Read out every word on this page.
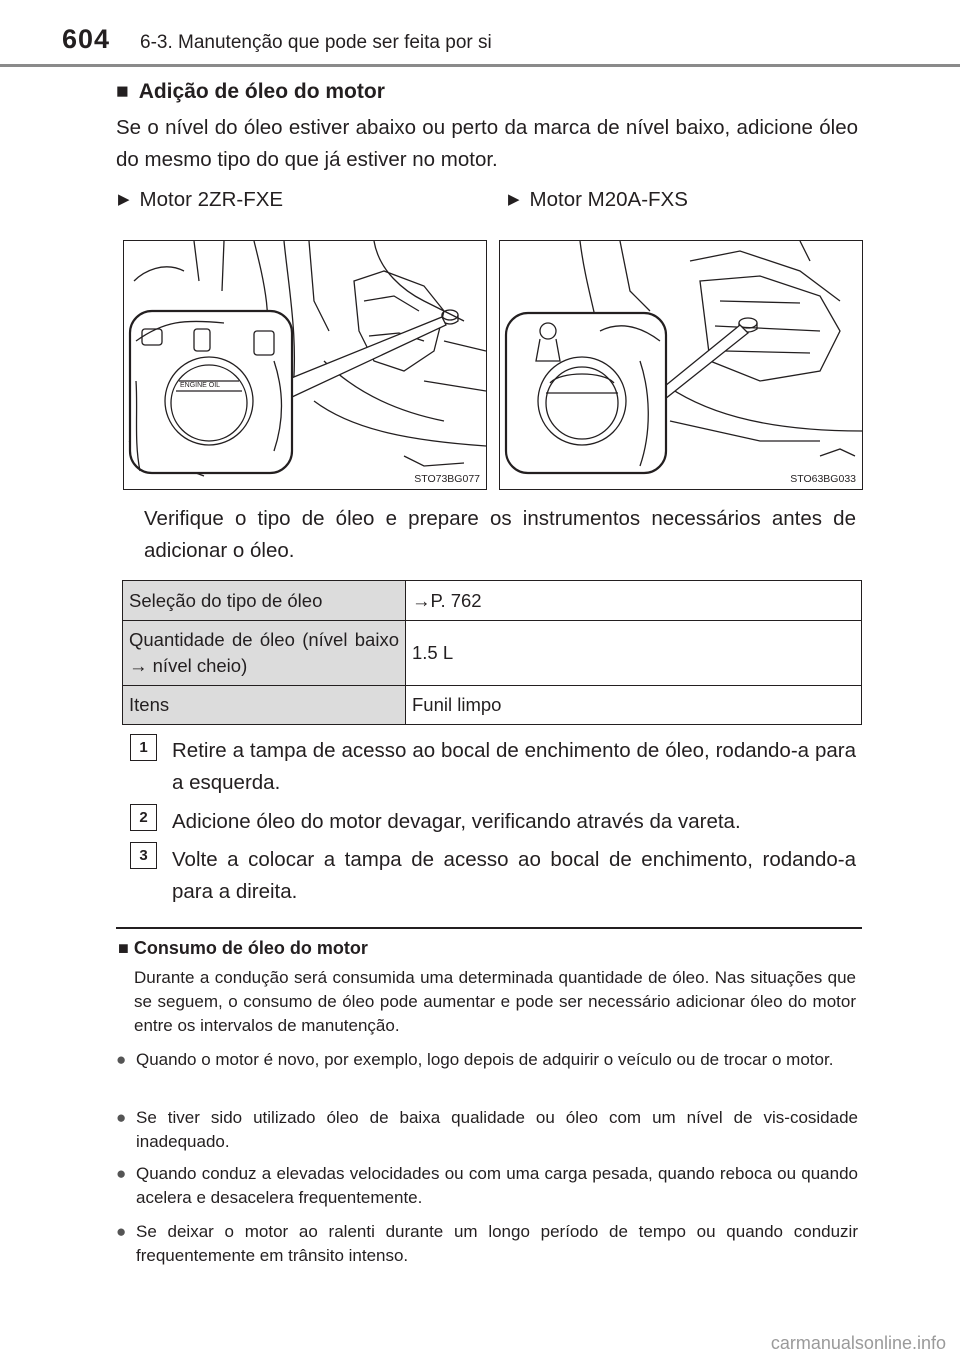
604 6-3. Manutenção que pode ser feita por si
■ Adição de óleo do motor
Se o nível do óleo estiver abaixo ou perto da marca de nível baixo, adicione óleo do mesmo tipo do que já estiver no motor.
▶ Motor 2ZR-FXE	▶ Motor M20A-FXS
ENGINE OIL
STO73BG077	STO63BG033
Verifique o tipo de óleo e prepare os instrumentos necessários antes de adicionar o óleo.
Seleção do tipo de óleo	→P. 762

Quantidade de óleo (nível baixo → nível cheio)	1.5 L

Itens	Funil limpo
1	Retire a tampa de acesso ao bocal de enchimento de óleo, rodando-a para a esquerda.
2	Adicione óleo do motor devagar, verificando através da vareta.
3	Volte a colocar a tampa de acesso ao bocal de enchimento, rodando-a para a direita.
■ Consumo de óleo do motor
Durante a condução será consumida uma determinada quantidade de óleo. Nas situações que se seguem, o consumo de óleo pode aumentar e pode ser necessário adicionar óleo do motor entre os intervalos de manutenção.
● Quando o motor é novo, por exemplo, logo depois de adquirir o veículo ou de trocar o motor.
● Se tiver sido utilizado óleo de baixa qualidade ou óleo com um nível de vis-cosidade inadequado.
● Quando conduz a elevadas velocidades ou com uma carga pesada, quando reboca ou quando acelera e desacelera frequentemente.
● Se deixar o motor ao ralenti durante um longo período de tempo ou quando conduzir frequentemente em trânsito intenso.
carmanualsonline.info
